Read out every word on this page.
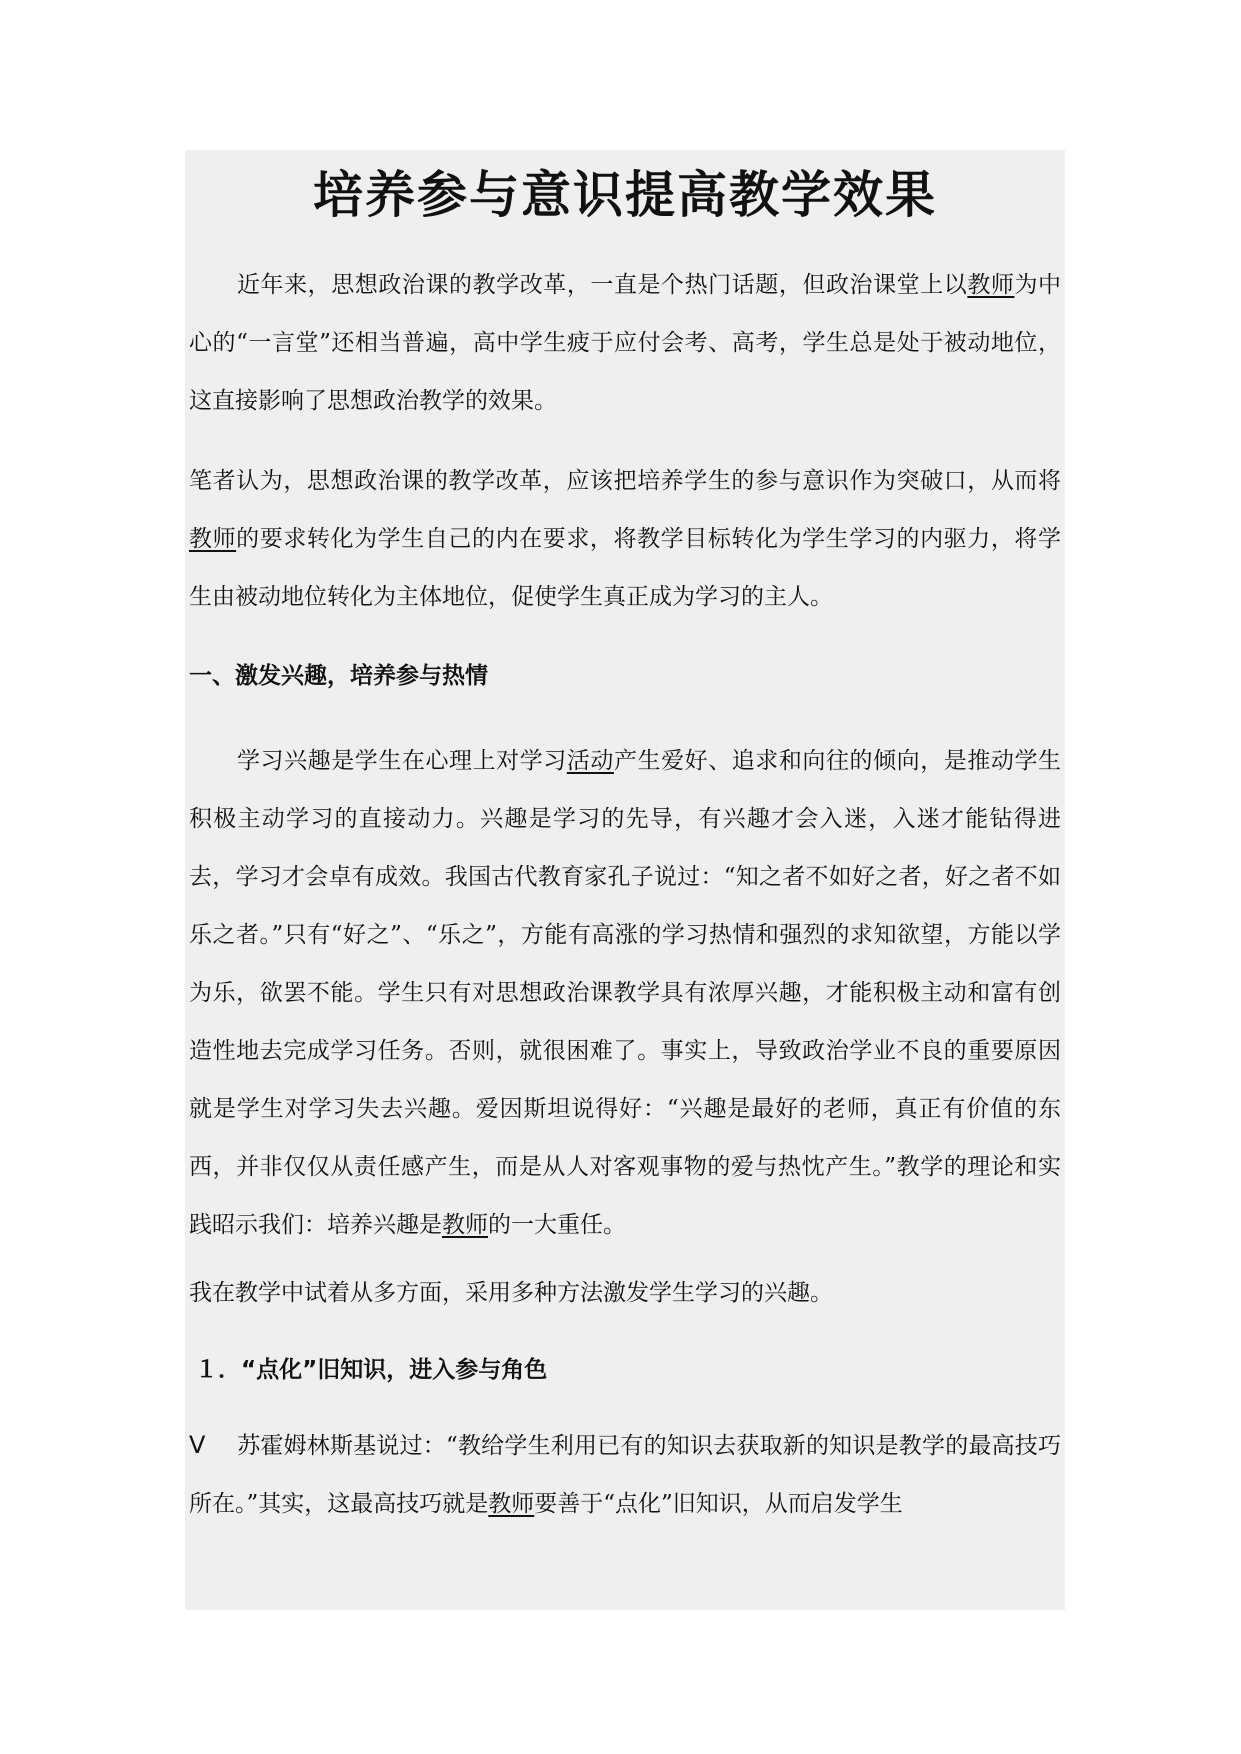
培养参与意识提高教学效果

近年来，思想政治课的教学改革，一直是个热门话题，但政治课堂上以教师为中心的“一言堂”还相当普遍，高中学生疲于应付会考、高考，学生总是处于被动地位，这直接影响了思想政治教学的效果。

笔者认为，思想政治课的教学改革，应该把培养学生的参与意识作为突破口，从而将教师的要求转化为学生自己的内在要求，将教学目标转化为学生学习的内驱力，将学生由被动地位转化为主体地位，促使学生真正成为学习的主人。

一、激发兴趣，培养参与热情

学习兴趣是学生在心理上对学习活动产生爱好、追求和向往的倾向，是推动学生积极主动学习的直接动力。兴趣是学习的先导，有兴趣才会入迷，入迷才能钻得进去，学习才会卓有成效。我国古代教育家孔子说过：“知之者不如好之者，好之者不如乐之者。”只有“好之”、“乐之”，方能有高涨的学习热情和强烈的求知欲望，方能以学为乐，欲罢不能。学生只有对思想政治课教学具有浓厚兴趣，才能积极主动和富有创造性地去完成学习任务。否则，就很困难了。事实上，导致政治学业不良的重要原因就是学生对学习失去兴趣。爱因斯坦说得好：“兴趣是最好的老师，真正有价值的东西，并非仅仅从责任感产生，而是从人对客观事物的爱与热忱产生。”教学的理论和实践昭示我们：培养兴趣是教师的一大重任。

我在教学中试着从多方面，采用多种方法激发学生学习的兴趣。

１．“点化”旧知识，进入参与角色

V 苏霍姆林斯基说过：“教给学生利用已有的知识去获取新的知识是教学的最高技巧所在。”其实，这最高技巧就是教师要善于“点化”旧知识，从而启发学生
